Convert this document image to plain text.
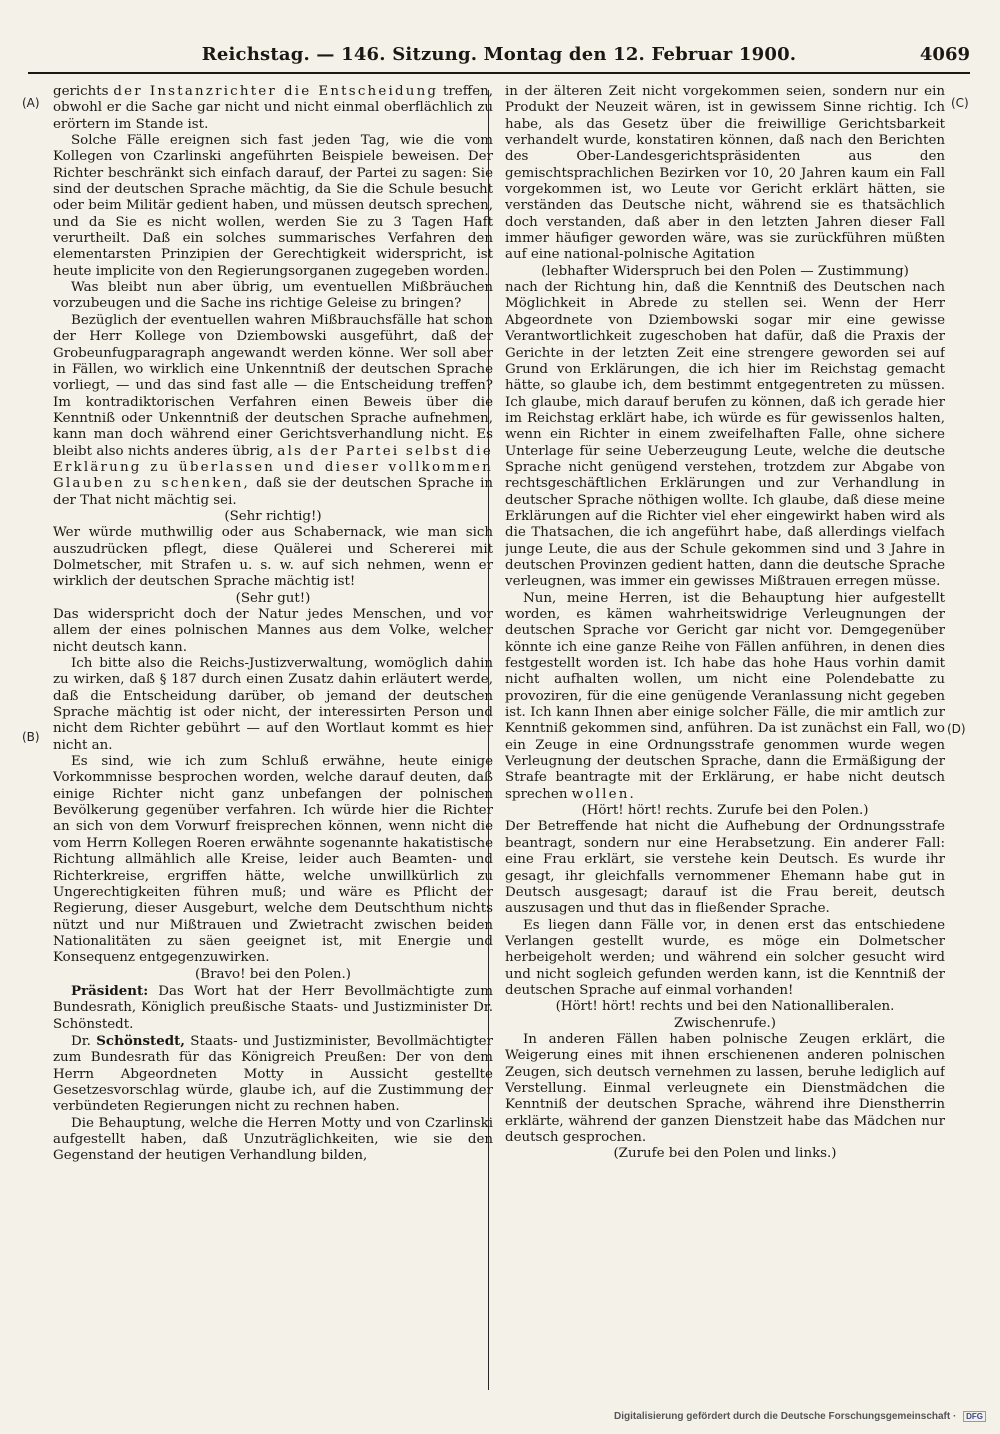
Reichstag. — 146. Sitzung. Montag den 12. Februar 1900.	4069
(A)
(B)
(C)
(D)

gerichts der Instanzrichter die Entscheidung treffen, obwohl er die Sache gar nicht und nicht einmal oberflächlich zu erörtern im Stande ist.

Solche Fälle ereignen sich fast jeden Tag, wie die vom Kollegen von Czarlinski angeführten Beispiele beweisen. Der Richter beschränkt sich einfach darauf, der Partei zu sagen: Sie sind der deutschen Sprache mächtig, da Sie die Schule besucht oder beim Militär gedient haben, und müssen deutsch sprechen, und da Sie es nicht wollen, werden Sie zu 3 Tagen Haft verurtheilt. Daß ein solches summarisches Verfahren den elementarsten Prinzipien der Gerechtigkeit widerspricht, ist heute implicite von den Regierungsorganen zugegeben worden.

Was bleibt nun aber übrig, um eventuellen Mißbräuchen vorzubeugen und die Sache ins richtige Geleise zu bringen?

Bezüglich der eventuellen wahren Mißbrauchsfälle hat schon der Herr Kollege von Dziembowski ausgeführt, daß der Grobeunfugparagraph angewandt werden könne. Wer soll aber in Fällen, wo wirklich eine Unkenntniß der deutschen Sprache vorliegt, — und das sind fast alle — die Entscheidung treffen? Im kontradiktorischen Verfahren einen Beweis über die Kenntniß oder Unkenntniß der deutschen Sprache aufnehmen, kann man doch während einer Gerichtsverhandlung nicht. Es bleibt also nichts anderes übrig, als der Partei selbst die Erklärung zu überlassen und dieser vollkommen Glauben zu schenken, daß sie der deutschen Sprache in der That nicht mächtig sei.

(Sehr richtig!)

Wer würde muthwillig oder aus Schabernack, wie man sich auszudrücken pflegt, diese Quälerei und Schererei mit Dolmetscher, mit Strafen u. s. w. auf sich nehmen, wenn er wirklich der deutschen Sprache mächtig ist!

(Sehr gut!)

Das widerspricht doch der Natur jedes Menschen, und vor allem der eines polnischen Mannes aus dem Volke, welcher nicht deutsch kann.

Ich bitte also die Reichs-Justizverwaltung, womöglich dahin zu wirken, daß § 187 durch einen Zusatz dahin erläutert werde, daß die Entscheidung darüber, ob jemand der deutschen Sprache mächtig ist oder nicht, der interessirten Person und nicht dem Richter gebührt — auf den Wortlaut kommt es hier nicht an.

Es sind, wie ich zum Schluß erwähne, heute einige Vorkommnisse besprochen worden, welche darauf deuten, daß einige Richter nicht ganz unbefangen der polnischen Bevölkerung gegenüber verfahren. Ich würde hier die Richter an sich von dem Vorwurf freisprechen können, wenn nicht die vom Herrn Kollegen Roeren erwähnte sogenannte hakatistische Richtung allmählich alle Kreise, leider auch Beamten- und Richterkreise, ergriffen hätte, welche unwillkürlich zu Ungerechtigkeiten führen muß; und wäre es Pflicht der Regierung, dieser Ausgeburt, welche dem Deutschthum nichts nützt und nur Mißtrauen und Zwietracht zwischen beiden Nationalitäten zu säen geeignet ist, mit Energie und Konsequenz entgegenzuwirken.

(Bravo! bei den Polen.)

Präsident: Das Wort hat der Herr Bevollmächtigte zum Bundesrath, Königlich preußische Staats- und Justizminister Dr. Schönstedt.

Dr. Schönstedt, Staats- und Justizminister, Bevollmächtigter zum Bundesrath für das Königreich Preußen: Der von dem Herrn Abgeordneten Motty in Aussicht gestellte Gesetzesvorschlag würde, glaube ich, auf die Zustimmung der verbündeten Regierungen nicht zu rechnen haben.

Die Behauptung, welche die Herren Motty und von Czarlinski aufgestellt haben, daß Unzuträglichkeiten, wie sie den Gegenstand der heutigen Verhandlung bilden,

in der älteren Zeit nicht vorgekommen seien, sondern nur ein Produkt der Neuzeit wären, ist in gewissem Sinne richtig. Ich habe, als das Gesetz über die freiwillige Gerichtsbarkeit verhandelt wurde, konstatiren können, daß nach den Berichten des Ober-Landesgerichtspräsidenten aus den gemischtsprachlichen Bezirken vor 10, 20 Jahren kaum ein Fall vorgekommen ist, wo Leute vor Gericht erklärt hätten, sie verständen das Deutsche nicht, während sie es thatsächlich doch verstanden, daß aber in den letzten Jahren dieser Fall immer häufiger geworden wäre, was sie zurückführen müßten auf eine national-polnische Agitation

(lebhafter Widerspruch bei den Polen — Zustimmung)

nach der Richtung hin, daß die Kenntniß des Deutschen nach Möglichkeit in Abrede zu stellen sei. Wenn der Herr Abgeordnete von Dziembowski sogar mir eine gewisse Verantwortlichkeit zugeschoben hat dafür, daß die Praxis der Gerichte in der letzten Zeit eine strengere geworden sei auf Grund von Erklärungen, die ich hier im Reichstag gemacht hätte, so glaube ich, dem bestimmt entgegentreten zu müssen. Ich glaube, mich darauf berufen zu können, daß ich gerade hier im Reichstag erklärt habe, ich würde es für gewissenlos halten, wenn ein Richter in einem zweifelhaften Falle, ohne sichere Unterlage für seine Ueberzeugung Leute, welche die deutsche Sprache nicht genügend verstehen, trotzdem zur Abgabe von rechtsgeschäftlichen Erklärungen und zur Verhandlung in deutscher Sprache nöthigen wollte. Ich glaube, daß diese meine Erklärungen auf die Richter viel eher eingewirkt haben wird als die Thatsachen, die ich angeführt habe, daß allerdings vielfach junge Leute, die aus der Schule gekommen sind und 3 Jahre in deutschen Provinzen gedient hatten, dann die deutsche Sprache verleugnen, was immer ein gewisses Mißtrauen erregen müsse.

Nun, meine Herren, ist die Behauptung hier aufgestellt worden, es kämen wahrheitswidrige Verleugnungen der deutschen Sprache vor Gericht gar nicht vor. Demgegenüber könnte ich eine ganze Reihe von Fällen anführen, in denen dies festgestellt worden ist. Ich habe das hohe Haus vorhin damit nicht aufhalten wollen, um nicht eine Polendebatte zu provoziren, für die eine genügende Veranlassung nicht gegeben ist. Ich kann Ihnen aber einige solcher Fälle, die mir amtlich zur Kenntniß gekommen sind, anführen. Da ist zunächst ein Fall, wo ein Zeuge in eine Ordnungsstrafe genommen wurde wegen Verleugnung der deutschen Sprache, dann die Ermäßigung der Strafe beantragte mit der Erklärung, er habe nicht deutsch sprechen wollen.

(Hört! hört! rechts. Zurufe bei den Polen.)

Der Betreffende hat nicht die Aufhebung der Ordnungsstrafe beantragt, sondern nur eine Herabsetzung. Ein anderer Fall: eine Frau erklärt, sie verstehe kein Deutsch. Es wurde ihr gesagt, ihr gleichfalls vernommener Ehemann habe gut in Deutsch ausgesagt; darauf ist die Frau bereit, deutsch auszusagen und thut das in fließender Sprache.

Es liegen dann Fälle vor, in denen erst das entschiedene Verlangen gestellt wurde, es möge ein Dolmetscher herbeigeholt werden; und während ein solcher gesucht wird und nicht sogleich gefunden werden kann, ist die Kenntniß der deutschen Sprache auf einmal vorhanden!

(Hört! hört! rechts und bei den Nationalliberalen. Zwischenrufe.)

In anderen Fällen haben polnische Zeugen erklärt, die Weigerung eines mit ihnen erschienenen anderen polnischen Zeugen, sich deutsch vernehmen zu lassen, beruhe lediglich auf Verstellung. Einmal verleugnete ein Dienstmädchen die Kenntniß der deutschen Sprache, während ihre Dienstherrin erklärte, während der ganzen Dienstzeit habe das Mädchen nur deutsch gesprochen.

(Zurufe bei den Polen und links.)

Digitalisierung gefördert durch die Deutsche Forschungsgemeinschaft · DFG
